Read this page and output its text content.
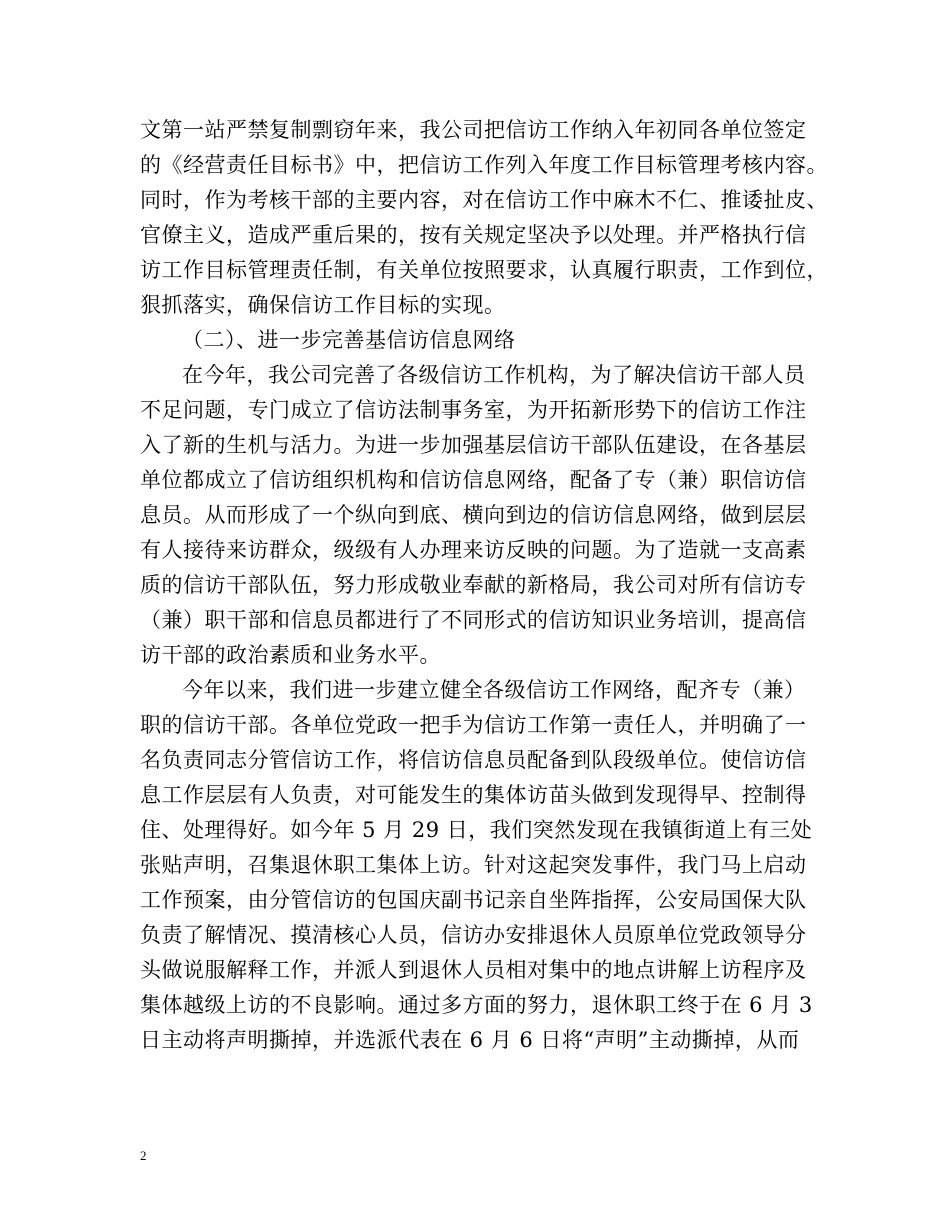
文第一站严禁复制剽窃年来，我公司把信访工作纳入年初同各单位签定
的《经营责任目标书》中，把信访工作列入年度工作目标管理考核内容。
同时，作为考核干部的主要内容，对在信访工作中麻木不仁、推诿扯皮、
官僚主义，造成严重后果的，按有关规定坚决予以处理。并严格执行信
访工作目标管理责任制，有关单位按照要求，认真履行职责，工作到位，
狠抓落实，确保信访工作目标的实现。
（二）、进一步完善基信访信息网络
在今年，我公司完善了各级信访工作机构，为了解决信访干部人员
不足问题，专门成立了信访法制事务室，为开拓新形势下的信访工作注
入了新的生机与活力。为进一步加强基层信访干部队伍建设，在各基层
单位都成立了信访组织机构和信访信息网络，配备了专（兼）职信访信
息员。从而形成了一个纵向到底、横向到边的信访信息网络，做到层层
有人接待来访群众，级级有人办理来访反映的问题。为了造就一支高素
质的信访干部队伍，努力形成敬业奉献的新格局，我公司对所有信访专
（兼）职干部和信息员都进行了不同形式的信访知识业务培训，提高信
访干部的政治素质和业务水平。
今年以来，我们进一步建立健全各级信访工作网络，配齐专（兼）
职的信访干部。各单位党政一把手为信访工作第一责任人，并明确了一
名负责同志分管信访工作，将信访信息员配备到队段级单位。使信访信
息工作层层有人负责，对可能发生的集体访苗头做到发现得早、控制得
住、处理得好。如今年 5 月 29 日，我们突然发现在我镇街道上有三处
张贴声明，召集退休职工集体上访。针对这起突发事件，我门马上启动
工作预案，由分管信访的包国庆副书记亲自坐阵指挥，公安局国保大队
负责了解情况、摸清核心人员，信访办安排退休人员原单位党政领导分
头做说服解释工作，并派人到退休人员相对集中的地点讲解上访程序及
集体越级上访的不良影响。通过多方面的努力，退休职工终于在 6 月 3
日主动将声明撕掉，并选派代表在 6 月 6 日将“声明”主动撕掉，从而
2
